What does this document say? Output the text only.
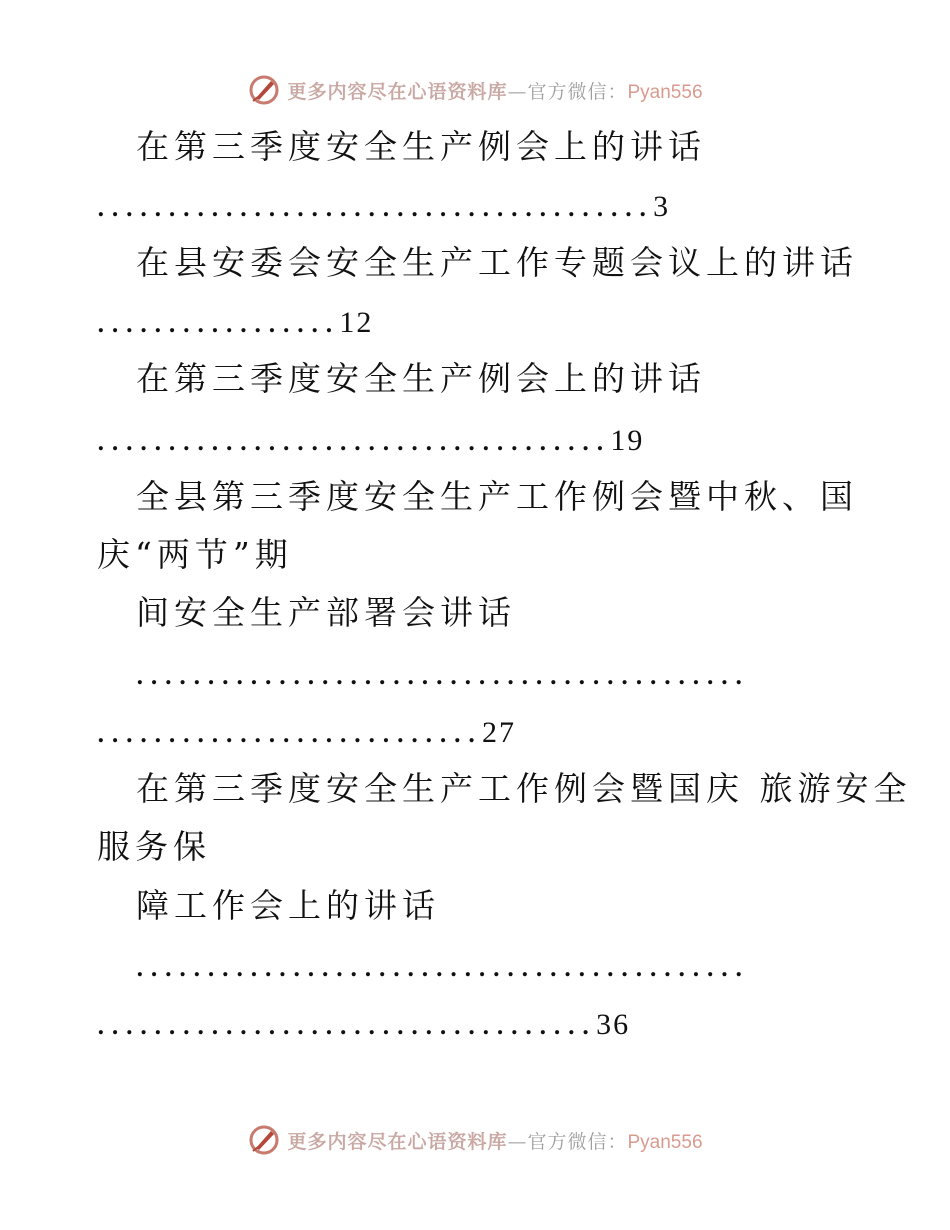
更多内容尽在心语资料库—官方微信：Pyan556
在第三季度安全生产例会上的讲话
.......................................3
在县安委会安全生产工作专题会议上的讲话
.................12
在第三季度安全生产例会上的讲话
....................................19
全县第三季度安全生产工作例会暨中秋、国
庆“两节”期
间安全生产部署会讲话
...........................................
...........................27
在第三季度安全生产工作例会暨国庆 旅游安全
服务保
障工作会上的讲话
...........................................
...................................36
更多内容尽在心语资料库—官方微信：Pyan556
